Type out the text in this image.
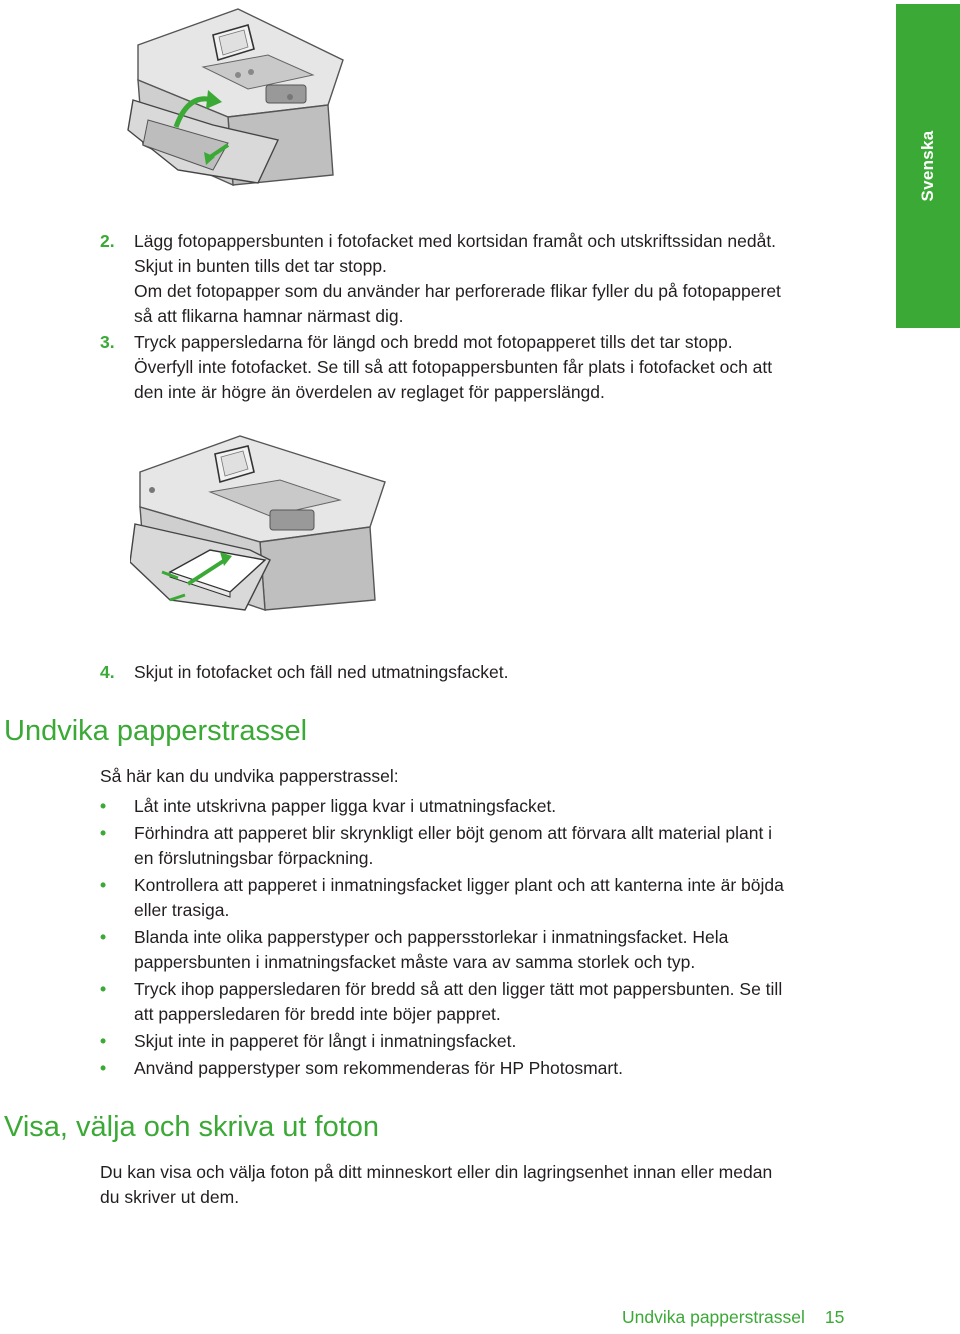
Svenska
2. Lägg fotopappersbunten i fotofacket med kortsidan framåt och utskriftssidan nedåt.
Skjut in bunten tills det tar stopp.
Om det fotopapper som du använder har perforerade flikar fyller du på fotopapperet
så att flikarna hamnar närmast dig.
3. Tryck pappersledarna för längd och bredd mot fotopapperet tills det tar stopp.
Överfyll inte fotofacket. Se till så att fotopappersbunten får plats i fotofacket och att
den inte är högre än överdelen av reglaget för papperslängd.
4. Skjut in fotofacket och fäll ned utmatningsfacket.
Undvika papperstrassel
Så här kan du undvika papperstrassel:
• Låt inte utskrivna papper ligga kvar i utmatningsfacket.
• Förhindra att papperet blir skrynkligt eller böjt genom att förvara allt material plant i
en förslutningsbar förpackning.
• Kontrollera att papperet i inmatningsfacket ligger plant och att kanterna inte är böjda
eller trasiga.
• Blanda inte olika papperstyper och pappersstorlekar i inmatningsfacket. Hela
pappersbunten i inmatningsfacket måste vara av samma storlek och typ.
• Tryck ihop pappersledaren för bredd så att den ligger tätt mot pappersbunten. Se till
att pappersledaren för bredd inte böjer pappret.
• Skjut inte in papperet för långt i inmatningsfacket.
• Använd papperstyper som rekommenderas för HP Photosmart.
Visa, välja och skriva ut foton
Du kan visa och välja foton på ditt minneskort eller din lagringsenhet innan eller medan
du skriver ut dem.
Undvika papperstrassel 15
